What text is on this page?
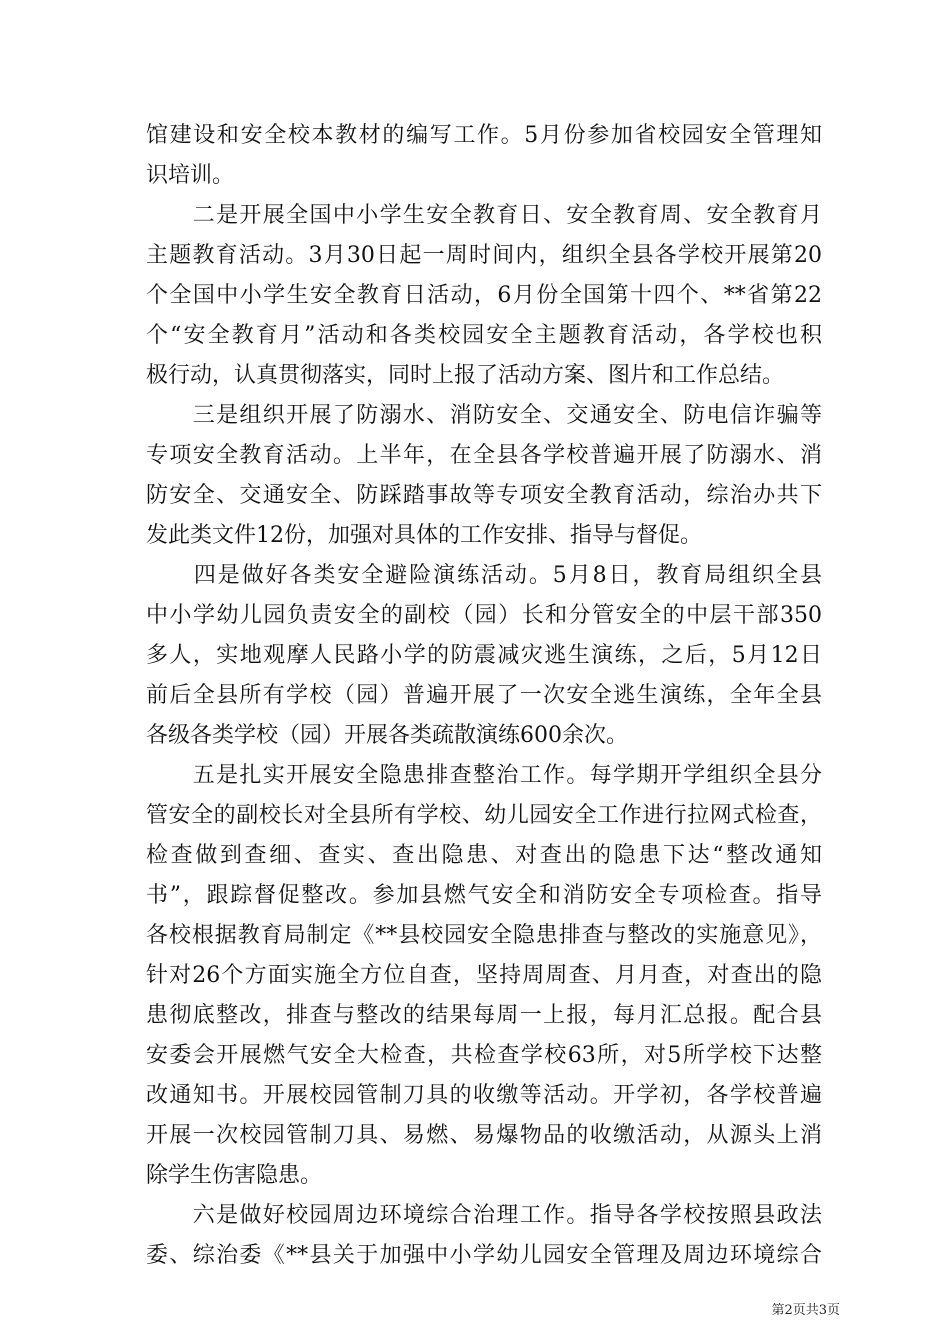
馆建设和安全校本教材的编写工作。5月份参加省校园安全管理知
识培训。
　　二是开展全国中小学生安全教育日、安全教育周、安全教育月
主题教育活动。3月30日起一周时间内，组织全县各学校开展第20
个全国中小学生安全教育日活动，6月份全国第十四个、**省第22
个“安全教育月”活动和各类校园安全主题教育活动，各学校也积
极行动，认真贯彻落实，同时上报了活动方案、图片和工作总结。
　　三是组织开展了防溺水、消防安全、交通安全、防电信诈骗等
专项安全教育活动。上半年，在全县各学校普遍开展了防溺水、消
防安全、交通安全、防踩踏事故等专项安全教育活动，综治办共下
发此类文件12份，加强对具体的工作安排、指导与督促。
　　四是做好各类安全避险演练活动。5月8日，教育局组织全县
中小学幼儿园负责安全的副校（园）长和分管安全的中层干部350
多人，实地观摩人民路小学的防震减灾逃生演练，之后，5月12日
前后全县所有学校（园）普遍开展了一次安全逃生演练，全年全县
各级各类学校（园）开展各类疏散演练600余次。
　　五是扎实开展安全隐患排查整治工作。每学期开学组织全县分
管安全的副校长对全县所有学校、幼儿园安全工作进行拉网式检查，
检查做到查细、查实、查出隐患、对查出的隐患下达“整改通知
书”，跟踪督促整改。参加县燃气安全和消防安全专项检查。指导
各校根据教育局制定《**县校园安全隐患排查与整改的实施意见》，
针对26个方面实施全方位自查，坚持周周查、月月查，对查出的隐
患彻底整改，排查与整改的结果每周一上报，每月汇总报。配合县
安委会开展燃气安全大检查，共检查学校63所，对5所学校下达整
改通知书。开展校园管制刀具的收缴等活动。开学初，各学校普遍
开展一次校园管制刀具、易燃、易爆物品的收缴活动，从源头上消
除学生伤害隐患。
　　六是做好校园周边环境综合治理工作。指导各学校按照县政法
委、综治委《**县关于加强中小学幼儿园安全管理及周边环境综合
第2页共3页
